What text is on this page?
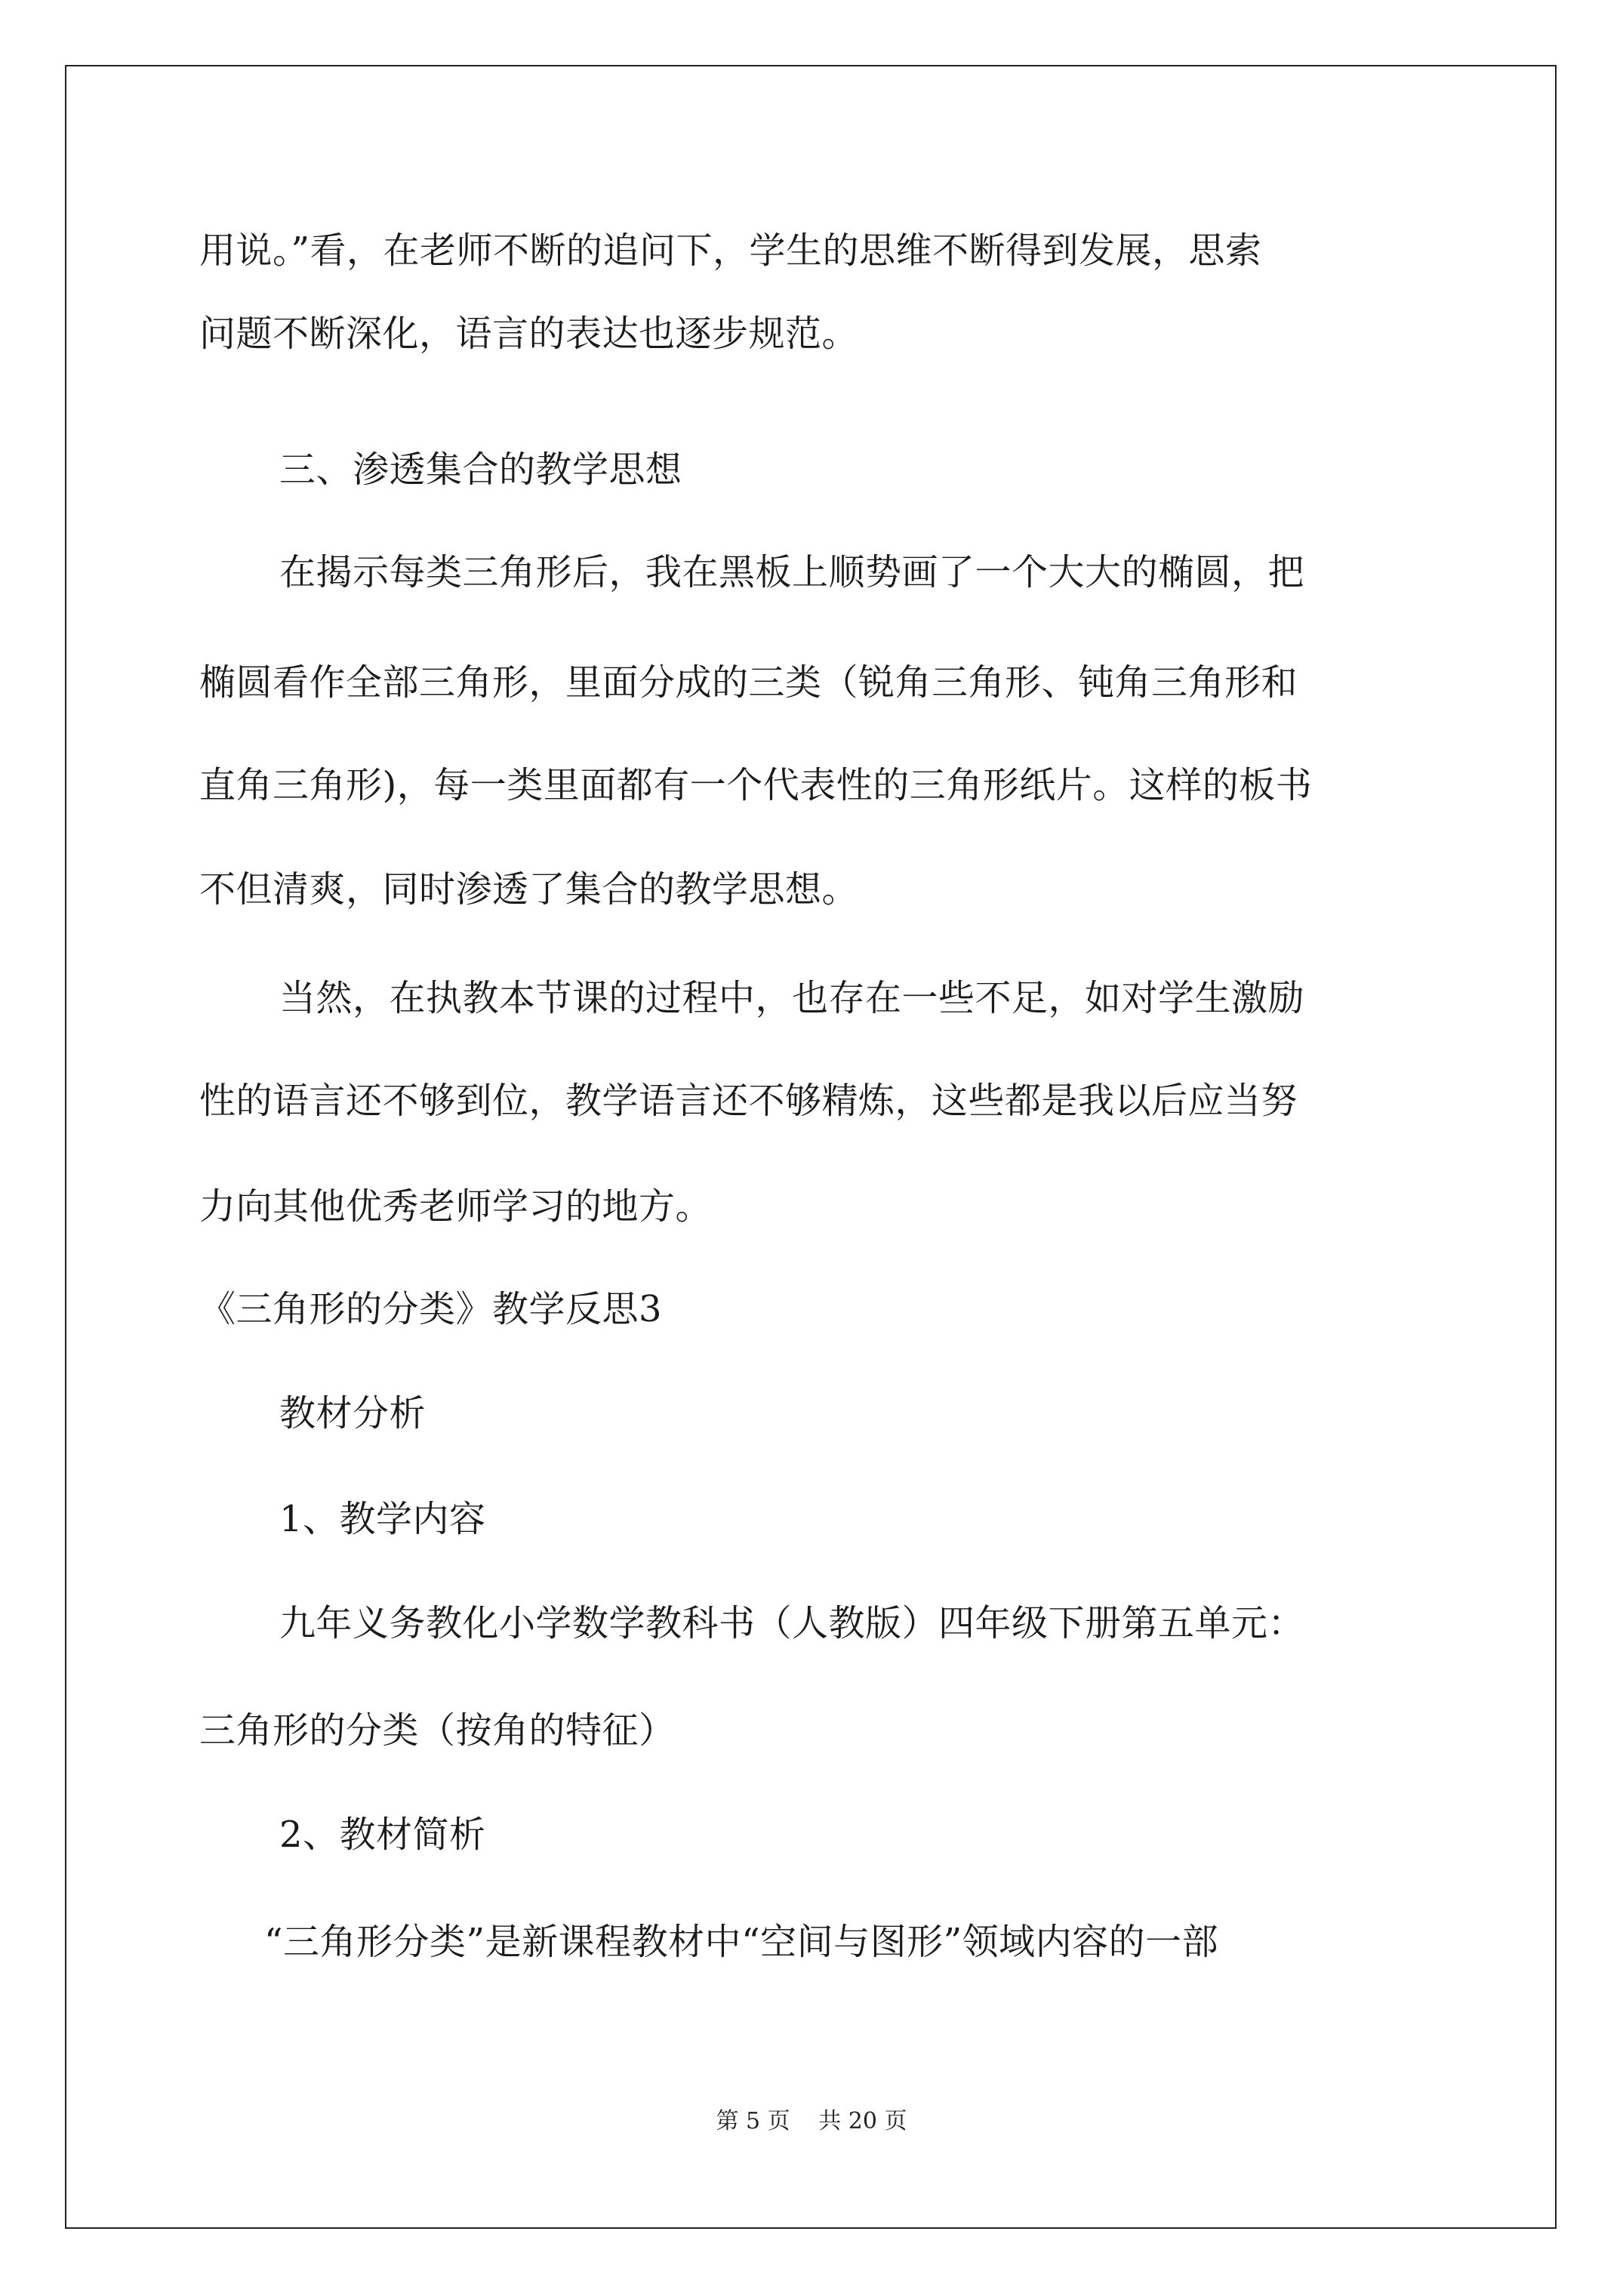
用说。”看，在老师不断的追问下，学生的思维不断得到发展，思索
问题不断深化，语言的表达也逐步规范。
三、渗透集合的教学思想
在揭示每类三角形后，我在黑板上顺势画了一个大大的椭圆，把
椭圆看作全部三角形，里面分成的三类（锐角三角形、钝角三角形和
直角三角形)，每一类里面都有一个代表性的三角形纸片。这样的板书
不但清爽，同时渗透了集合的教学思想。
当然，在执教本节课的过程中，也存在一些不足，如对学生激励
性的语言还不够到位，教学语言还不够精炼，这些都是我以后应当努
力向其他优秀老师学习的地方。
《三角形的分类》教学反思3
教材分析
1、教学内容
九年义务教化小学数学教科书（人教版）四年级下册第五单元：
三角形的分类（按角的特征）
2、教材简析
“三角形分类”是新课程教材中“空间与图形”领域内容的一部
第 5 页 共 20 页
